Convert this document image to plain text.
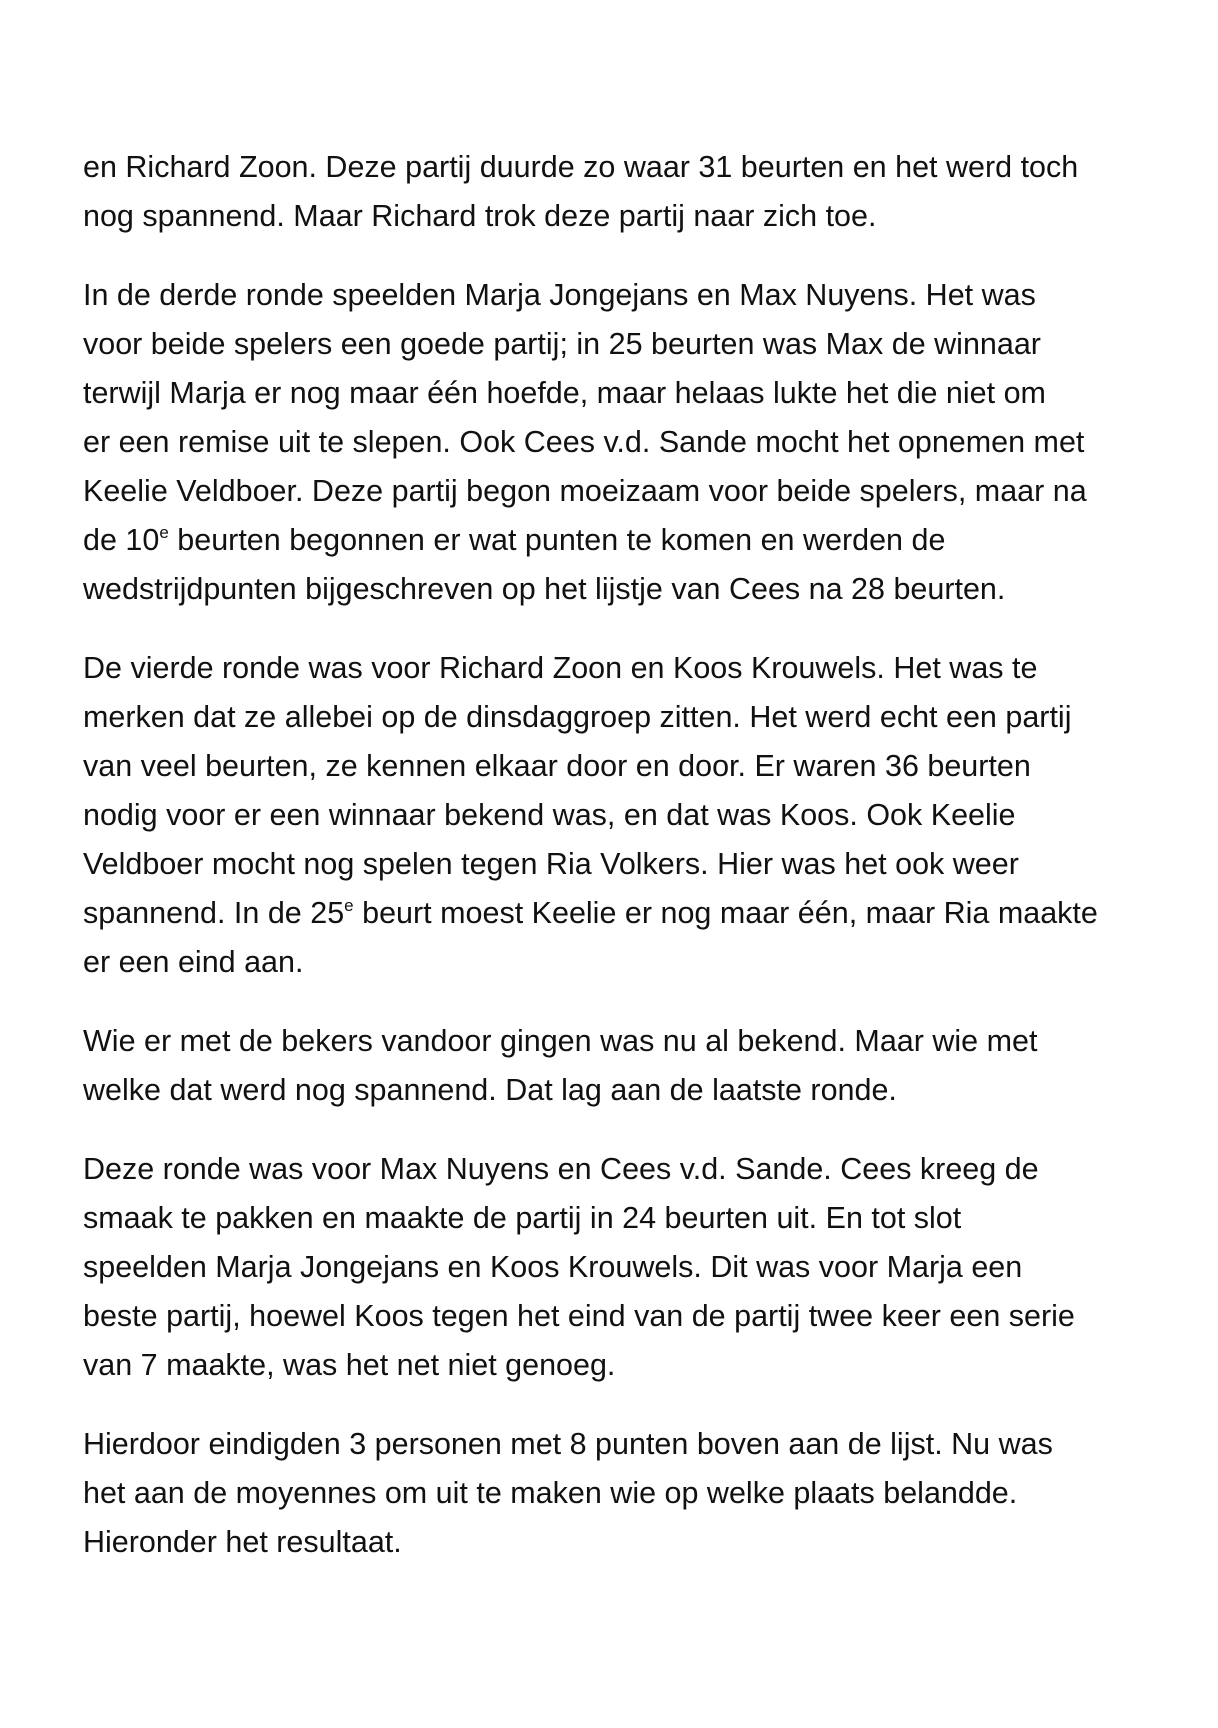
en Richard Zoon. Deze partij duurde zo waar 31 beurten en het werd toch
nog spannend. Maar Richard trok deze partij naar zich toe.

In de derde ronde speelden Marja Jongejans en Max Nuyens. Het was
voor beide spelers een goede partij; in 25 beurten was Max de winnaar
terwijl Marja er nog maar één hoefde, maar helaas lukte het die niet om
er een remise uit te slepen. Ook Cees v.d. Sande mocht het opnemen met
Keelie Veldboer. Deze partij begon moeizaam voor beide spelers, maar na
de 10e beurten begonnen er wat punten te komen en werden de
wedstrijdpunten bijgeschreven op het lijstje van Cees na 28 beurten.

De vierde ronde was voor Richard Zoon en Koos Krouwels. Het was te
merken dat ze allebei op de dinsdaggroep zitten. Het werd echt een partij
van veel beurten, ze kennen elkaar door en door. Er waren 36 beurten
nodig voor er een winnaar bekend was, en dat was Koos. Ook Keelie
Veldboer mocht nog spelen tegen Ria Volkers. Hier was het ook weer
spannend. In de 25e beurt moest Keelie er nog maar één, maar Ria maakte
er een eind aan.

Wie er met de bekers vandoor gingen was nu al bekend. Maar wie met
welke dat werd nog spannend. Dat lag aan de laatste ronde.

Deze ronde was voor Max Nuyens en Cees v.d. Sande. Cees kreeg de
smaak te pakken en maakte de partij in 24 beurten uit. En tot slot
speelden Marja Jongejans en Koos Krouwels. Dit was voor Marja een
beste partij, hoewel Koos tegen het eind van de partij twee keer een serie
van 7 maakte, was het net niet genoeg.

Hierdoor eindigden 3 personen met 8 punten boven aan de lijst. Nu was
het aan de moyennes om uit te maken wie op welke plaats belandde.
Hieronder het resultaat.
